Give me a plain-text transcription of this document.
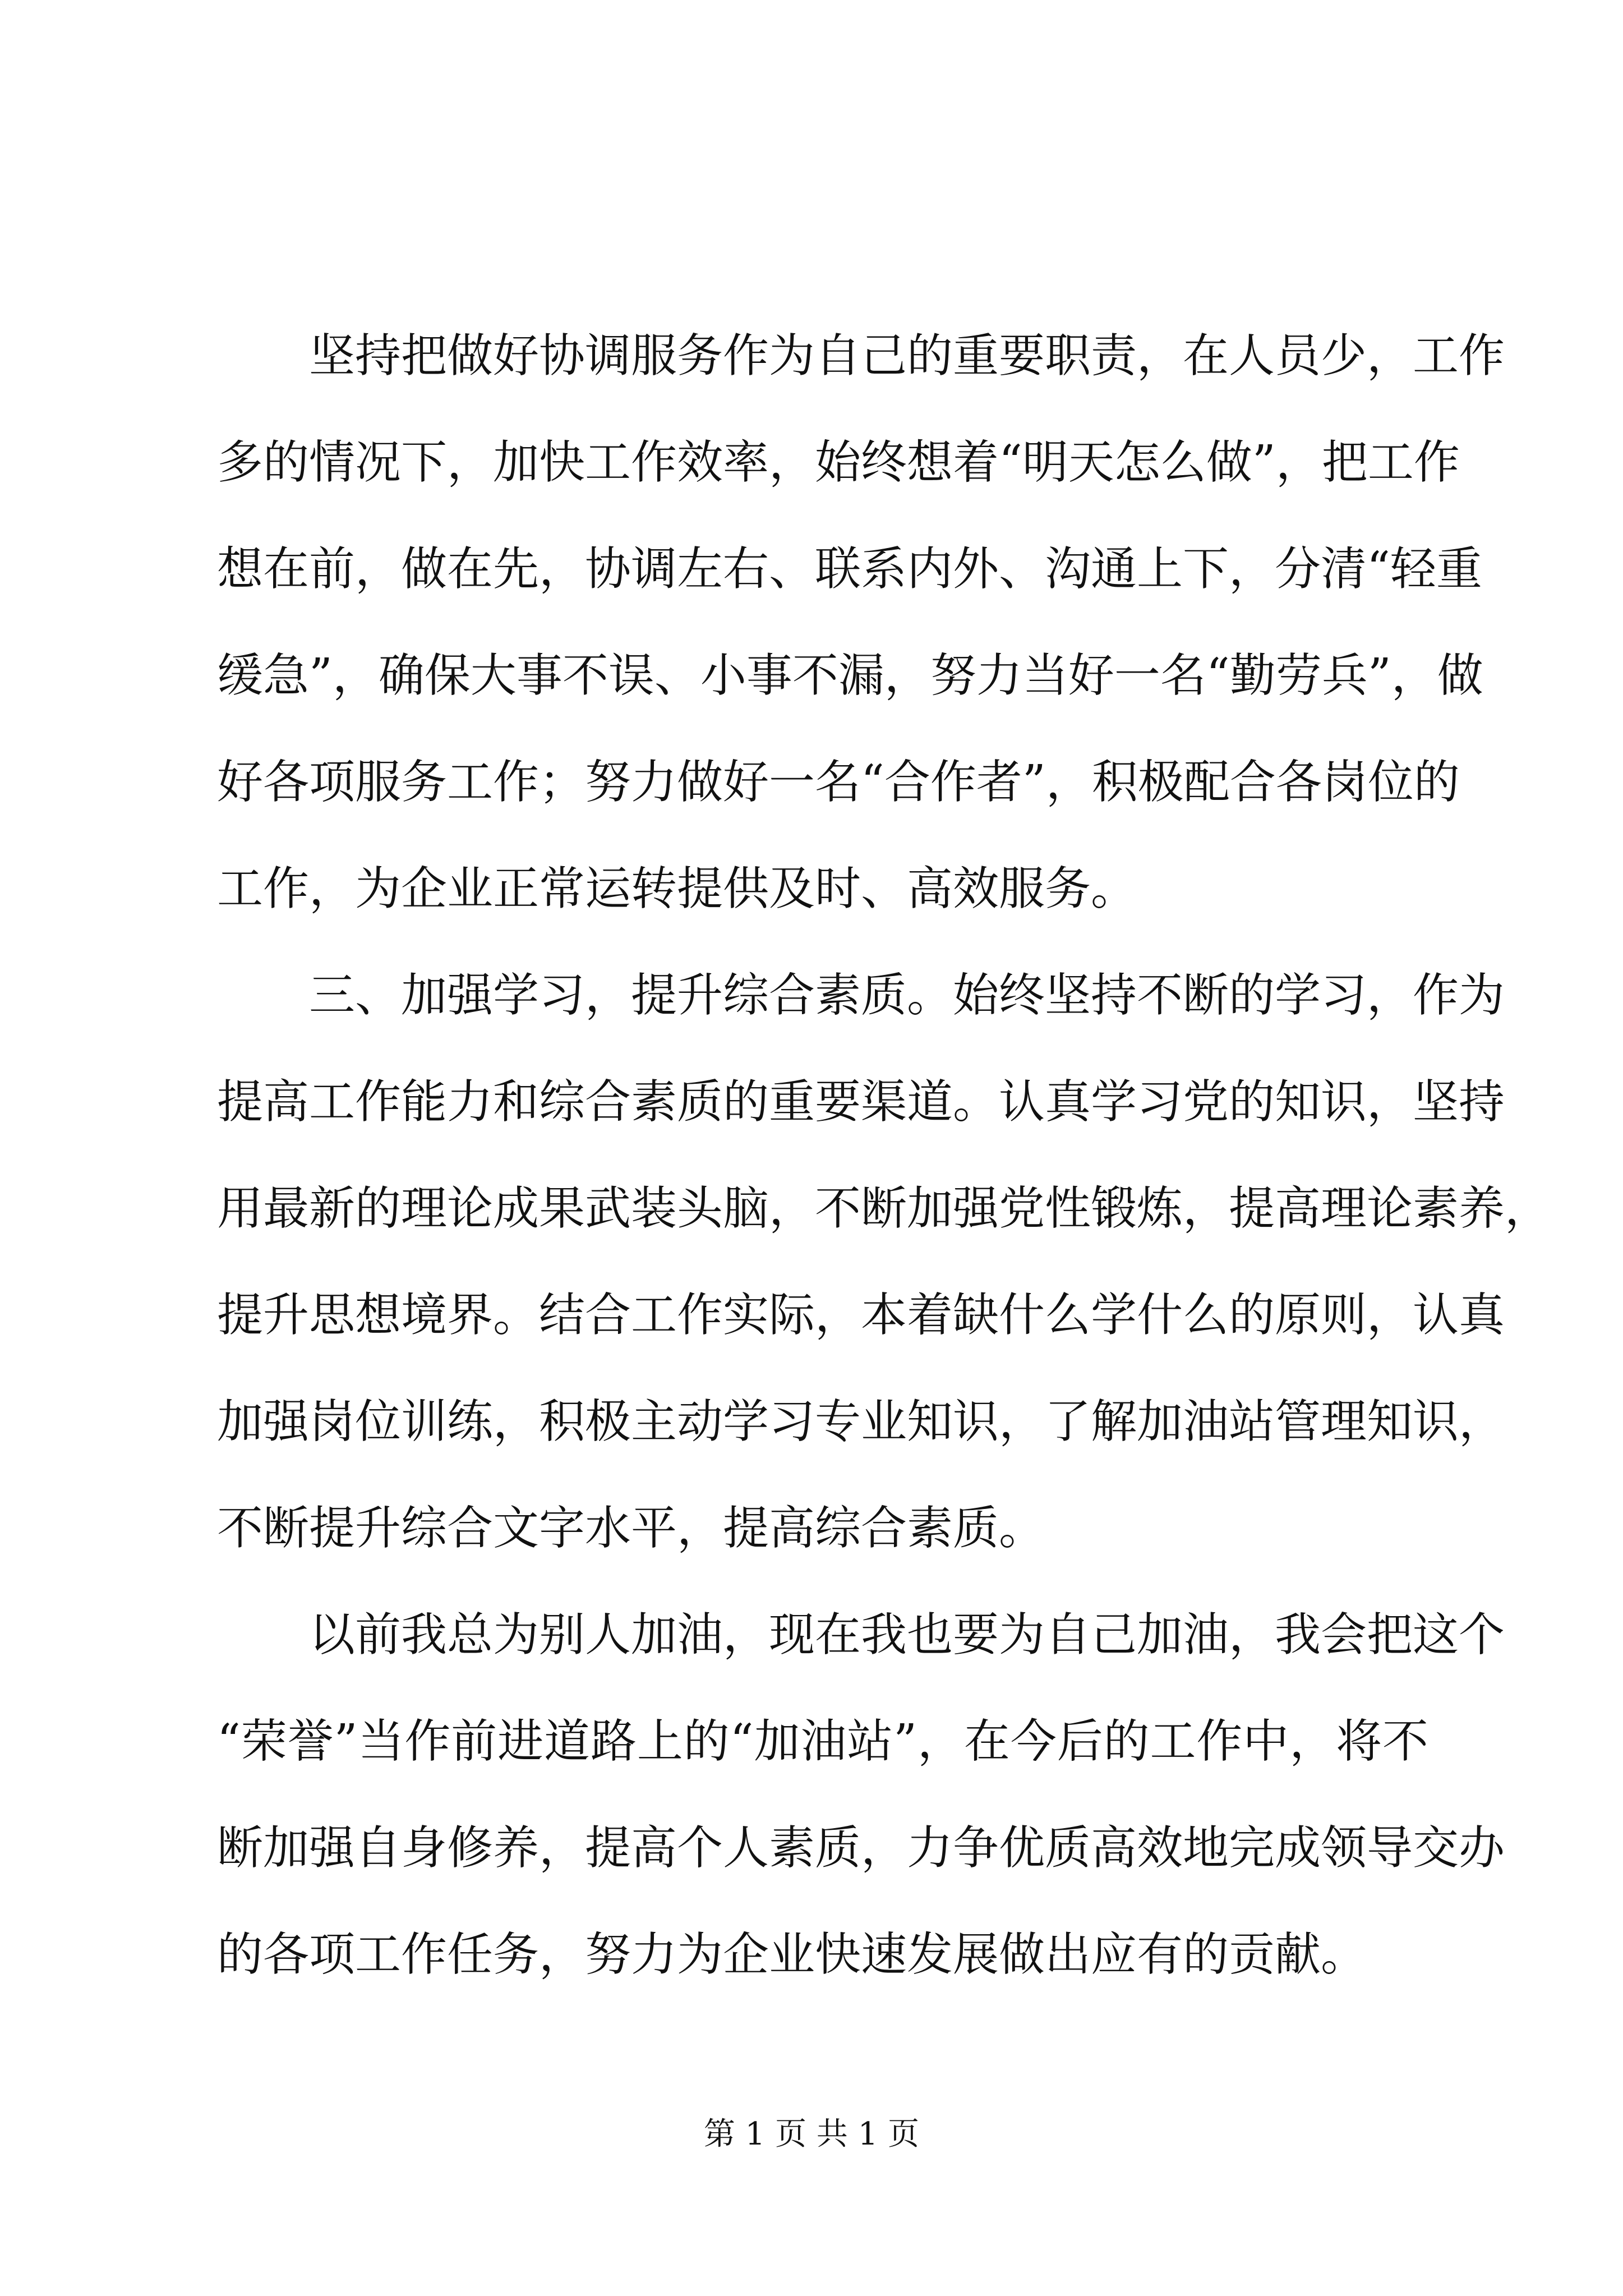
坚持把做好协调服务作为自己的重要职责，在人员少，工作
多的情况下，加快工作效率，始终想着“明天怎么做”，把工作
想在前，做在先，协调左右、联系内外、沟通上下，分清“轻重
缓急”，确保大事不误、小事不漏，努力当好一名“勤劳兵”，做
好各项服务工作；努力做好一名“合作者”，积极配合各岗位的
工作，为企业正常运转提供及时、高效服务。
三、加强学习，提升综合素质。始终坚持不断的学习，作为
提高工作能力和综合素质的重要渠道。认真学习党的知识，坚持
用最新的理论成果武装头脑，不断加强党性锻炼，提高理论素养，
提升思想境界。结合工作实际，本着缺什么学什么的原则，认真
加强岗位训练，积极主动学习专业知识，了解加油站管理知识，
不断提升综合文字水平，提高综合素质。
以前我总为别人加油，现在我也要为自己加油，我会把这个
“荣誉”当作前进道路上的“加油站”，在今后的工作中，将不
断加强自身修养，提高个人素质，力争优质高效地完成领导交办
的各项工作任务，努力为企业快速发展做出应有的贡献。
第 1 页 共 1 页
